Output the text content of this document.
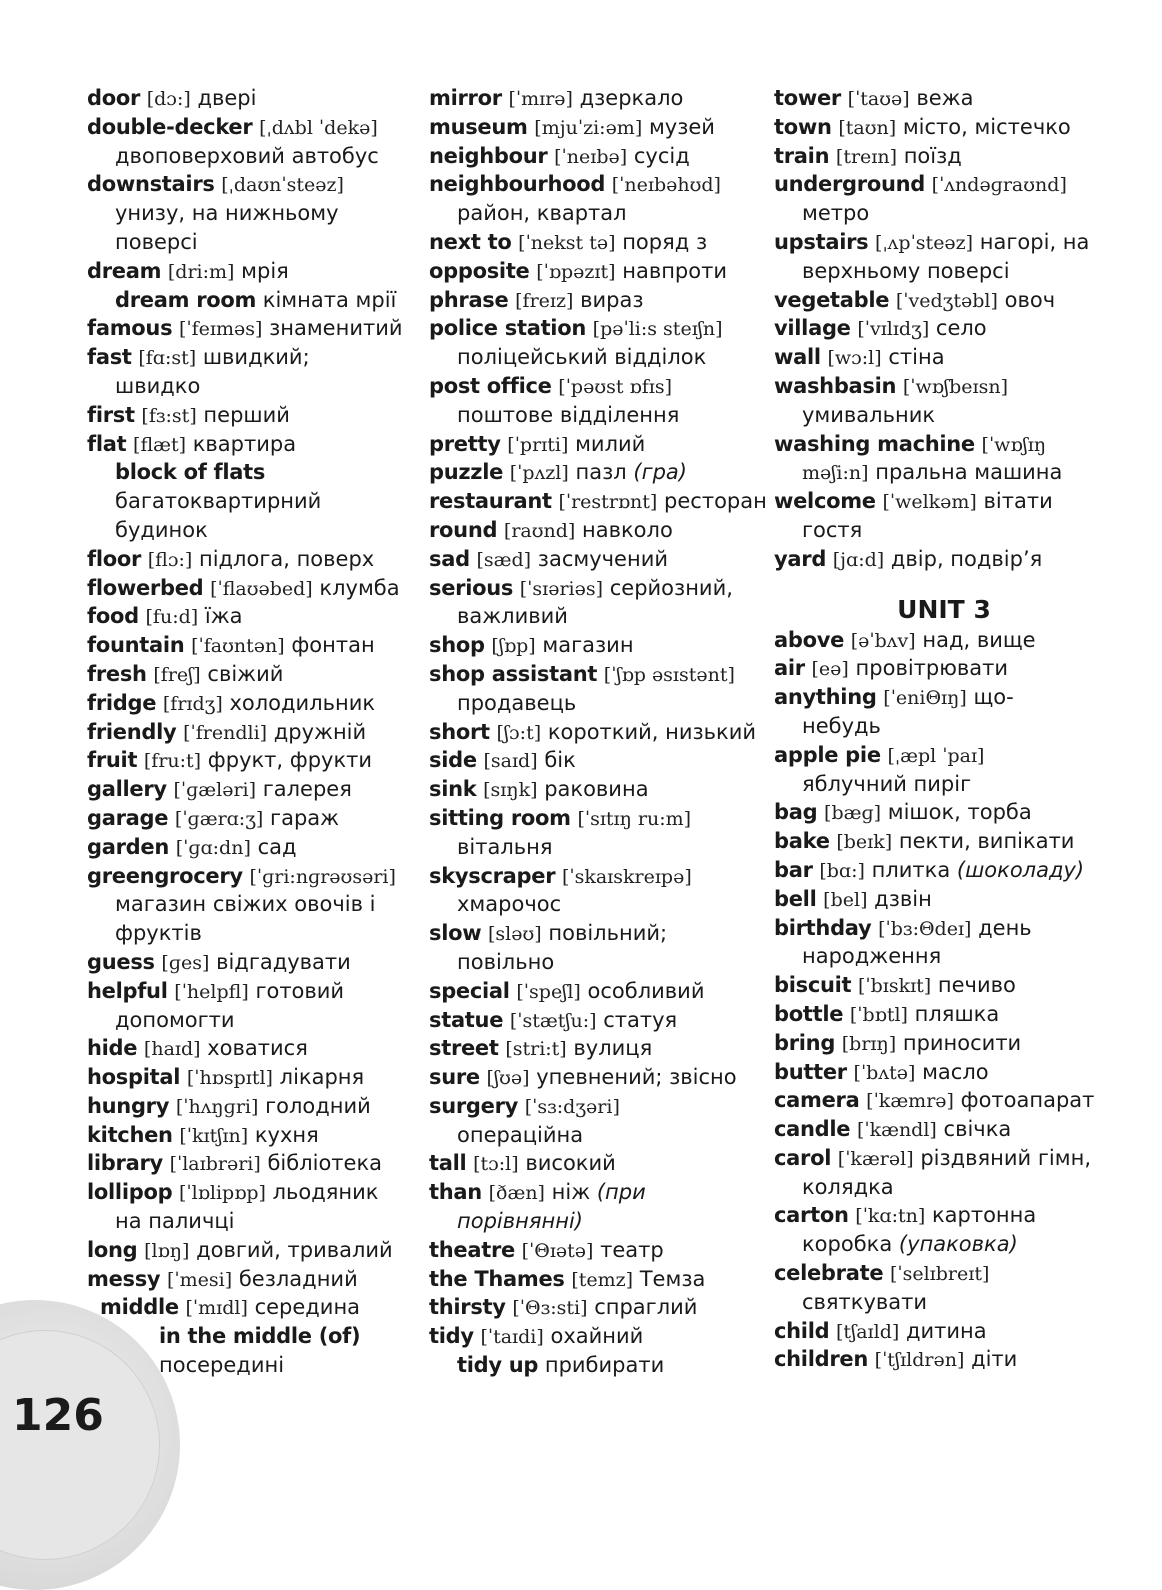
126
door [dɔ:] двері
double-decker [ˌdʌbl ˈdekə]
двоповерховий автобус
downstairs [ˌdaʊnˈsteəz]
унизу, на нижньому
поверсі
dream [dri:m] мрія
dream room кімната мрії
famous [ˈfeɪməs] знаменитий
fast [fɑ:st] швидкий;
швидко
first [fɜ:st] перший
flat [flæt] квартира
block of flats
багатоквартирний
будинок
floor [flɔ:] підлога, поверх
flowerbed [ˈflaʊəbed] клумба
food [fu:d] їжа
fountain [ˈfaʊntən] фонтан
fresh [freʃ] свіжий
fridge [frɪdʒ] холодильник
friendly [ˈfrendli] дружній
fruit [fru:t] фрукт, фрукти
gallery [ˈɡæləri] галерея
garage [ˈɡærɑ:ʒ] гараж
garden [ˈɡɑ:dn] сад
greengrocery [ˈɡri:nɡrəʊsəri]
магазин свіжих овочів і
фруктів
guess [ɡes] відгадувати
helpful [ˈhelpfl] готовий
допомогти
hide [haɪd] ховатися
hospital [ˈhɒspɪtl] лікарня
hungry [ˈhʌŋɡri] голодний
kitchen [ˈkɪtʃɪn] кухня
library [ˈlaɪbrəri] бібліотека
lollipop [ˈlɒlipɒp] льодяник
на паличці
long [lɒŋ] довгий, тривалий
messy [ˈmesi] безладний
middle [ˈmɪdl] середина
in the middle (of)
посередині
mirror [ˈmɪrə] дзеркало
museum [mjuˈzi:əm] музей
neighbour [ˈneɪbə] сусід
neighbourhood [ˈneɪbəhʊd]
район, квартал
next to [ˈnekst tə] поряд з
opposite [ˈɒpəzɪt] навпроти
phrase [freɪz] вираз
police station [pəˈli:s steɪʃn]
поліцейський відділок
post office [ˈpəʊst ɒfɪs]
поштове відділення
pretty [ˈprɪti] милий
puzzle [ˈpʌzl] пазл (гра)
restaurant [ˈrestrɒnt] ресторан
round [raʊnd] навколо
sad [sæd] засмучений
serious [ˈsɪəriəs] серйозний,
важливий
shop [ʃɒp] магазин
shop assistant [ˈʃɒp əsɪstənt]
продавець
short [ʃɔ:t] короткий, низький
side [saɪd] бік
sink [sɪŋk] раковина
sitting room [ˈsɪtɪŋ ru:m]
вітальня
skyscraper [ˈskaɪskreɪpə]
хмарочос
slow [sləʊ] повільний;
повільно
special [ˈspeʃl] особливий
statue [ˈstætʃu:] статуя
street [stri:t] вулиця
sure [ʃʊə] упевнений; звісно
surgery [ˈsɜ:dʒəri]
операційна
tall [tɔ:l] високий
than [ðæn] ніж (при
порівнянні)
theatre [ˈΘɪətə] театр
the Thames [temz] Темза
thirsty [ˈΘɜ:sti] спраглий
tidy [ˈtaɪdi] охайний
tidy up прибирати
tower [ˈtaʊə] вежа
town [taʊn] місто, містечко
train [treɪn] поїзд
underground [ˈʌndəɡraʊnd]
метро
upstairs [ˌʌpˈsteəz] нагорі, на
верхньому поверсі
vegetable [ˈvedʒtəbl] овоч
village [ˈvɪlɪdʒ] село
wall [wɔ:l] стіна
washbasin [ˈwɒʃbeɪsn]
умивальник
washing machine [ˈwɒʃɪŋ
məʃi:n] пральна машина
welcome [ˈwelkəm] вітати
гостя
yard [jɑ:d] двір, подвір’я
UNIT 3
above [əˈbʌv] над, вище
air [eə] провітрювати
anything [ˈeniΘɪŋ] що-
небудь
apple pie [ˌæpl ˈpaɪ]
яблучний пиріг
bag [bæɡ] мішок, торба
bake [beɪk] пекти, випікати
bar [bɑ:] плитка (шоколаду)
bell [bel] дзвін
birthday [ˈbɜ:Θdeɪ] день
народження
biscuit [ˈbɪskɪt] печиво
bottle [ˈbɒtl] пляшка
bring [brɪŋ] приносити
butter [ˈbʌtə] масло
camera [ˈkæmrə] фотоапарат
candle [ˈkændl] свічка
carol [ˈkærəl] різдвяний гімн,
колядка
carton [ˈkɑ:tn] картонна
коробка (упаковка)
celebrate [ˈselɪbreɪt]
святкувати
child [tʃaɪld] дитина
children [ˈtʃɪldrən] діти
